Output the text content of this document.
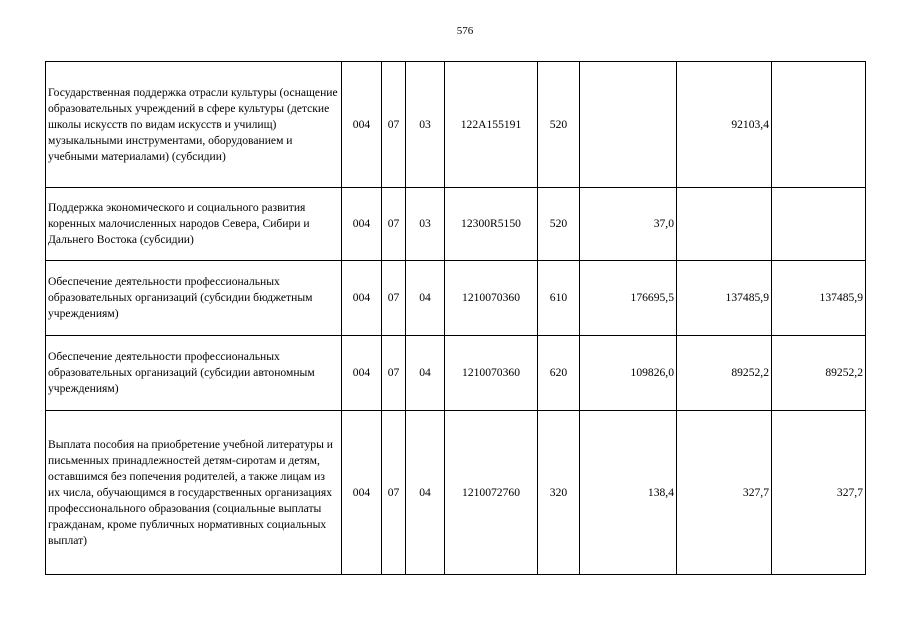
576
Государственная поддержка отрасли культуры (оснащение образовательных учреждений в сфере культуры (детские школы искусств по видам искусств и училищ) музыкальными инструментами, оборудованием и учебными материалами) (субсидии)	004	07	03	122A155191	520		92103,4	
Поддержка экономического и социального развития коренных малочисленных народов Севера, Сибири и Дальнего Востока (субсидии)	004	07	03	12300R5150	520	37,0		
Обеспечение деятельности профессиональных образовательных организаций (субсидии бюджетным учреждениям)	004	07	04	1210070360	610	176695,5	137485,9	137485,9
Обеспечение деятельности профессиональных образовательных организаций (субсидии автономным учреждениям)	004	07	04	1210070360	620	109826,0	89252,2	89252,2
Выплата пособия на приобретение учебной литературы и письменных принадлежностей детям-сиротам и детям, оставшимся без попечения родителей, а также лицам из их числа, обучающимся в государственных организациях профессионального образования (социальные выплаты гражданам, кроме публичных нормативных социальных выплат)	004	07	04	1210072760	320	138,4	327,7	327,7
